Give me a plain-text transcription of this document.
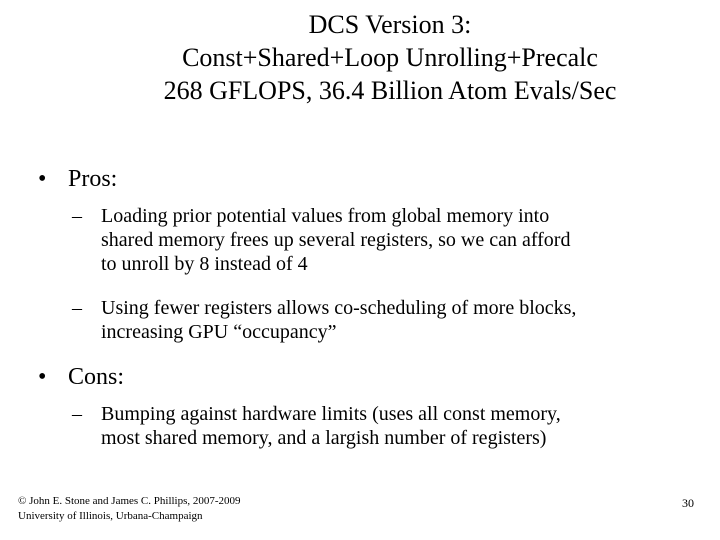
DCS Version 3:
Const+Shared+Loop Unrolling+Precalc
268 GFLOPS, 36.4 Billion Atom Evals/Sec
• Pros:
– Loading prior potential values from global memory into
shared memory frees up several registers, so we can afford
to unroll by 8 instead of 4
– Using fewer registers allows co-scheduling of more blocks,
increasing GPU “occupancy”
• Cons:
– Bumping against hardware limits (uses all const memory,
most shared memory, and a largish number of registers)
© John E. Stone and James C. Phillips, 2007-2009
University of Illinois, Urbana-Champaign
30
